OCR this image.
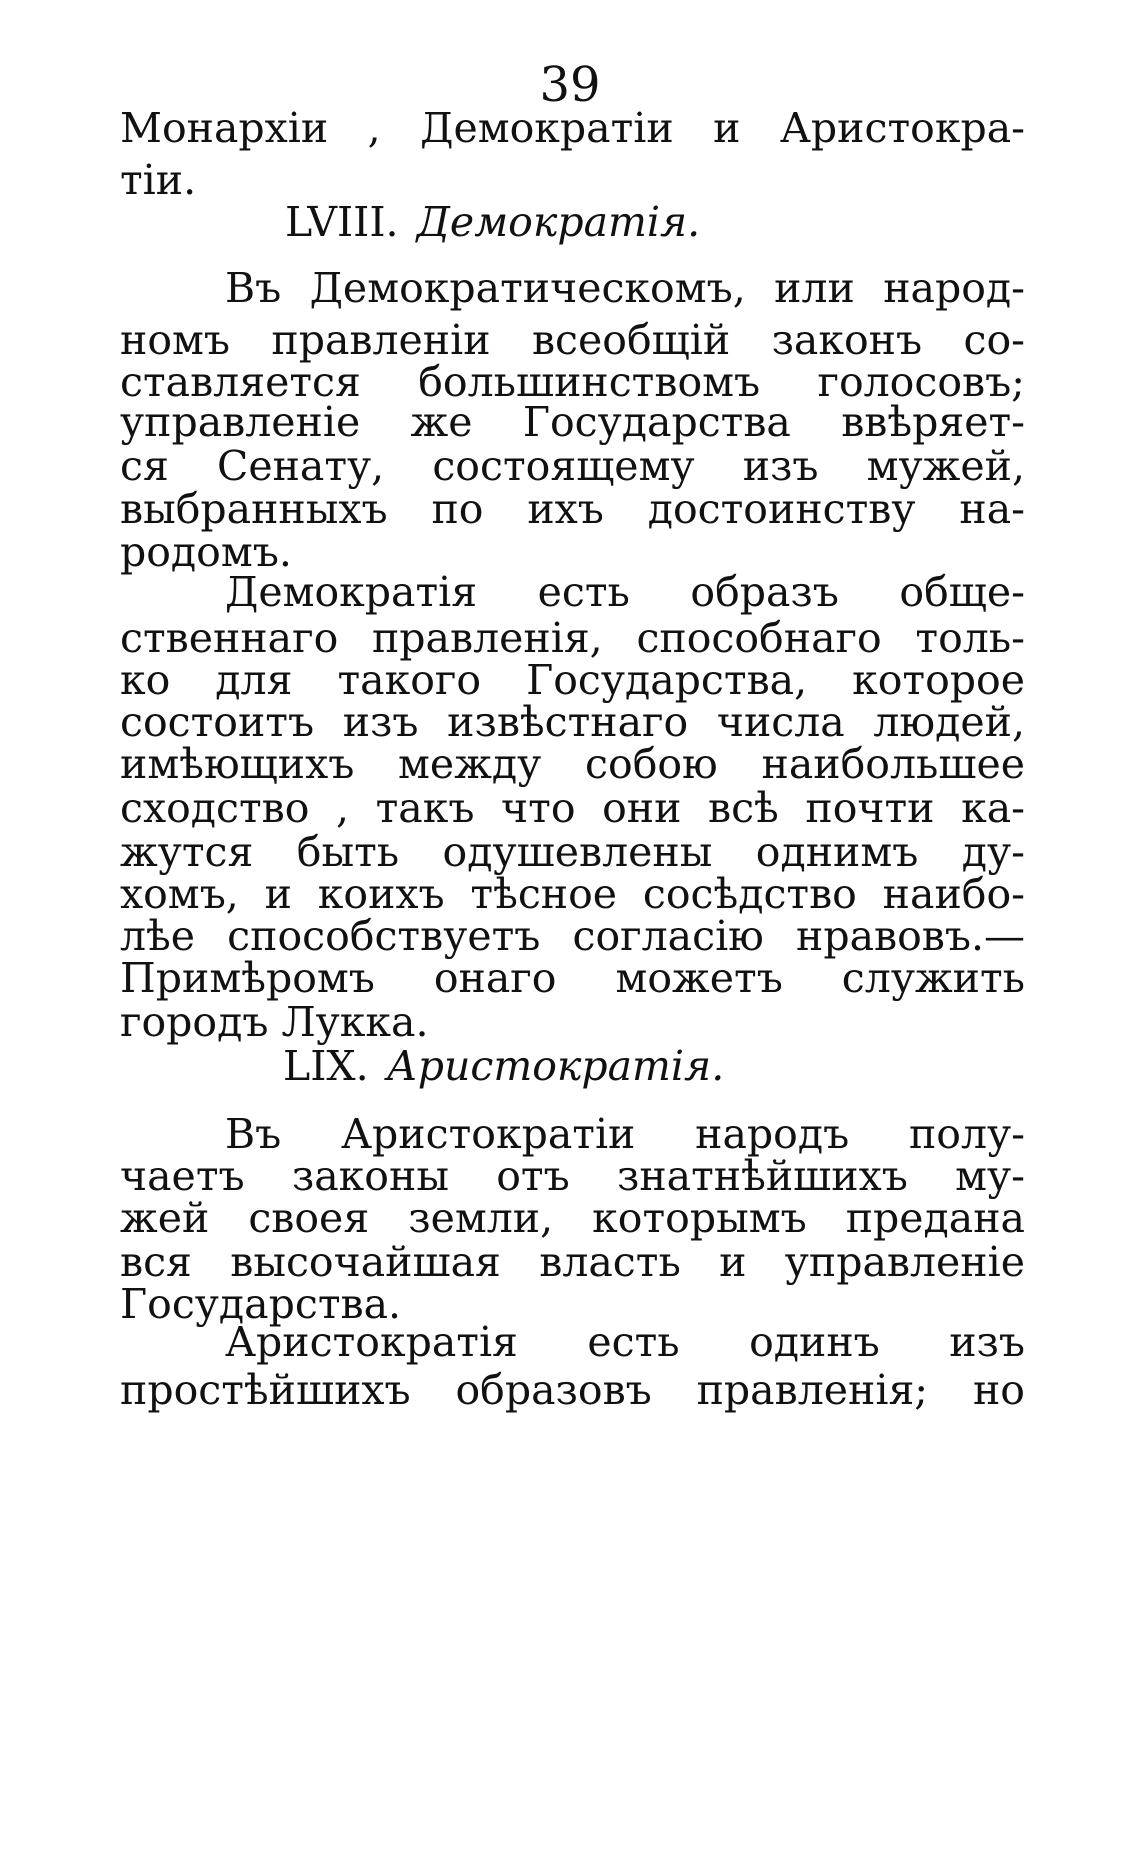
39
Монархіи , Демократіи и Аристокра-
тіи.
LVIII. Демократія.
Въ Демократическомъ, или народ-
номъ правленіи всеобщій законъ со-
ставляется большинствомъ голосовъ;
управленіе же Государства ввѣряет-
ся Сенату, состоящему изъ мужей,
выбранныхъ по ихъ достоинству на-
родомъ.
Демократія есть образъ обще-
ственнаго правленія, способнаго толь-
ко для такого Государства, которое
состоитъ изъ извѣстнаго числа людей,
имѣющихъ между собою наибольшее
сходство , такъ что они всѣ почти ка-
жутся быть одушевлены однимъ ду-
хомъ, и коихъ тѣсное сосѣдство наибо-
лѣе способствуетъ согласію нравовъ.—
Примѣромъ онаго можетъ служить
городъ Лукка.
LIX. Аристократія.
Въ Аристократіи народъ полу-
чаетъ законы отъ знатнѣйшихъ му-
жей своея земли, которымъ предана
вся высочайшая власть и управленіе
Государства.
Аристократія есть одинъ изъ
простѣйшихъ образовъ правленія; но
